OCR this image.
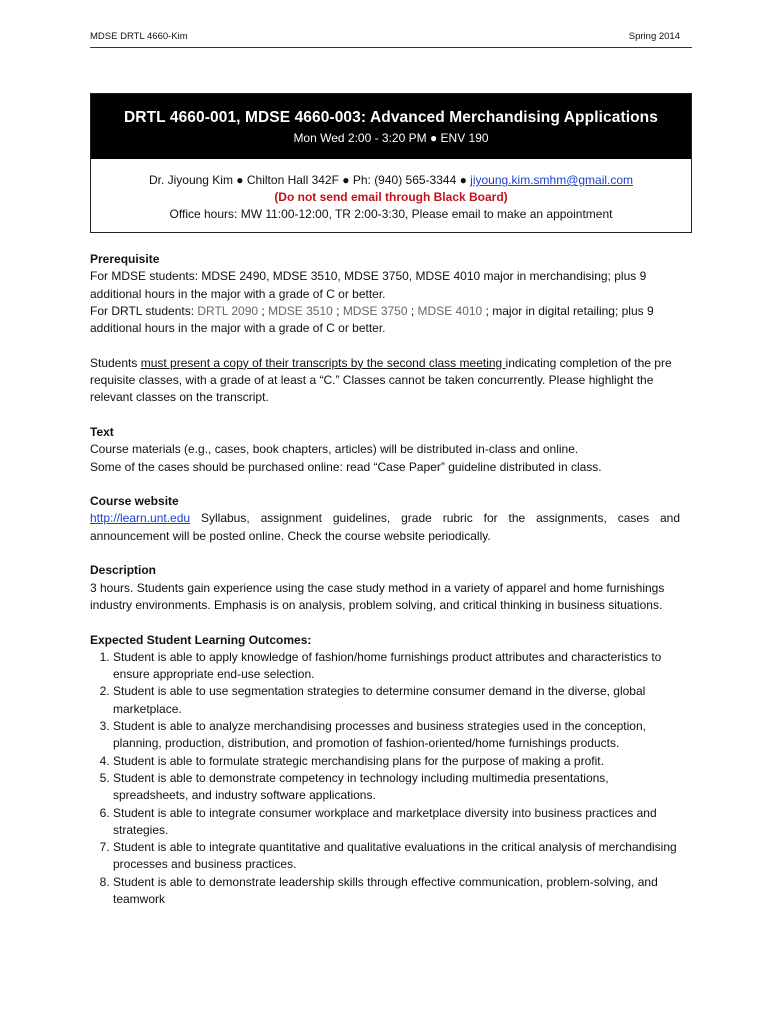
MDSE DRTL 4660-Kim	Spring 2014
DRTL 4660-001, MDSE 4660-003: Advanced Merchandising Applications
Mon Wed 2:00 - 3:20 PM ● ENV 190
Dr. Jiyoung Kim ● Chilton Hall 342F ● Ph: (940) 565-3344 ● jiyoung.kim.smhm@gmail.com
(Do not send email through Black Board)
Office hours: MW 11:00-12:00, TR 2:00-3:30, Please email to make an appointment
Prerequisite

For MDSE students: MDSE 2490, MDSE 3510, MDSE 3750, MDSE 4010 major in merchandising; plus 9 additional hours in the major with a grade of C or better.

For DRTL students: DRTL 2090 ; MDSE 3510 ; MDSE 3750 ; MDSE 4010 ; major in digital retailing; plus 9 additional hours in the major with a grade of C or better.

Students must present a copy of their transcripts by the second class meeting indicating completion of the pre requisite classes, with a grade of at least a “C.” Classes cannot be taken concurrently. Please highlight the relevant classes on the transcript.

Text

Course materials (e.g., cases, book chapters, articles) will be distributed in-class and online.

Some of the cases should be purchased online: read “Case Paper” guideline distributed in class.

Course website

http://learn.unt.edu Syllabus, assignment guidelines, grade rubric for the assignments, cases and announcement will be posted online. Check the course website periodically.

Description

3 hours. Students gain experience using the case study method in a variety of apparel and home furnishings industry environments. Emphasis is on analysis, problem solving, and critical thinking in business situations.

Expected Student Learning Outcomes:
1. Student is able to apply knowledge of fashion/home furnishings product attributes and characteristics to ensure appropriate end-use selection.
2. Student is able to use segmentation strategies to determine consumer demand in the diverse, global marketplace.
3. Student is able to analyze merchandising processes and business strategies used in the conception, planning, production, distribution, and promotion of fashion-oriented/home furnishings products.
4. Student is able to formulate strategic merchandising plans for the purpose of making a profit.
5. Student is able to demonstrate competency in technology including multimedia presentations, spreadsheets, and industry software applications.
6. Student is able to integrate consumer workplace and marketplace diversity into business practices and strategies.
7. Student is able to integrate quantitative and qualitative evaluations in the critical analysis of merchandising processes and business practices.
8. Student is able to demonstrate leadership skills through effective communication, problem-solving, and teamwork
